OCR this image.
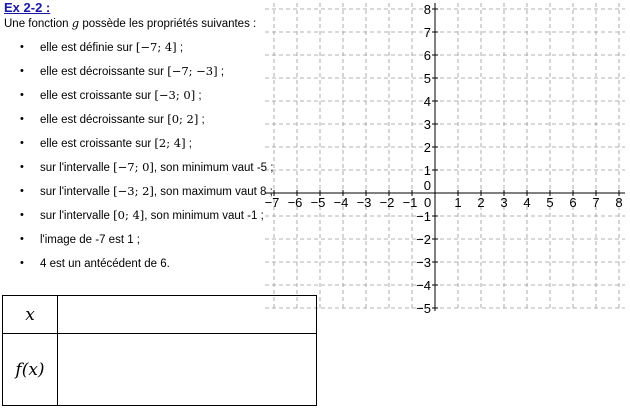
−7 −6 −5 −4 −3 −2 −1 0 1 2 3 4 5 6 7 8
8
7
6
5
4
3
2
1
−1
−2
−3
−4
−5
0
Ex 2-2 :
Une fonction g possède les propriétés suivantes :
• elle est définie sur [−7; 4] ;
• elle est décroissante sur [−7; −3] ;
• elle est croissante sur [−3; 0] ;
• elle est décroissante sur [0; 2] ;
• elle est croissante sur [2; 4] ;
• sur l'intervalle [−7; 0], son minimum vaut -5 ;
• sur l'intervalle [−3; 2], son maximum vaut 8 ;
• sur l'intervalle [0; 4], son minimum vaut -1 ;
• l'image de -7 est 1 ;
• 4 est un antécédent de 6.
x	
f(x)	
